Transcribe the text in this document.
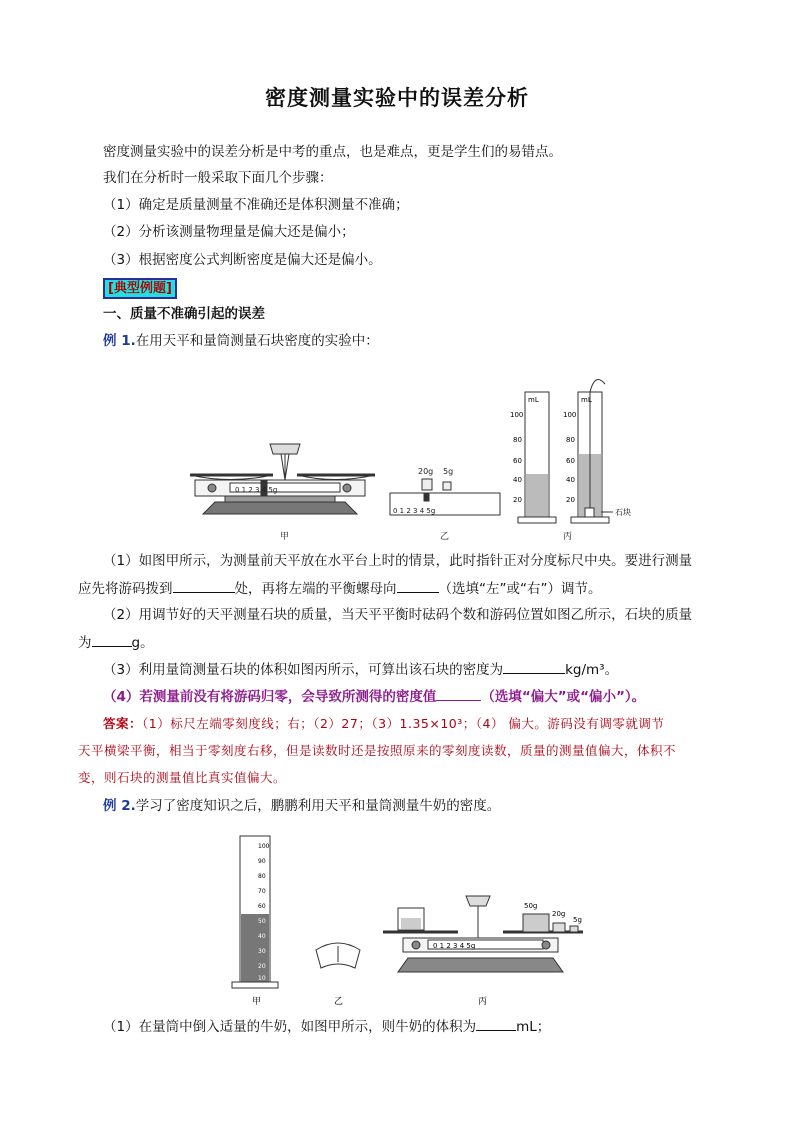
密度测量实验中的误差分析
密度测量实验中的误差分析是中考的重点，也是难点，更是学生们的易错点。
我们在分析时一般采取下面几个步骤：
（1）确定是质量测量不准确还是体积测量不准确；
（2）分析该测量物理量是偏大还是偏小；
（3）根据密度公式判断密度是偏大还是偏小。
[典型例题]
一、质量不准确引起的误差
例 1.在用天平和量筒测量石块密度的实验中：
0 1 2 3 4 5g
甲
20g 5g
0 1 2 3 4 5g
乙
mL
100
80
60
40
20
mL
100
80
60
40
20
石块
丙
（1）如图甲所示，为测量前天平放在水平台上时的情景，此时指针正对分度标尺中央。要进行测量
应先将游码拨到	处，再将左端的平衡螺母向	（选填“左”或“右”）调节。
（2）用调节好的天平测量石块的质量，当天平平衡时砝码个数和游码位置如图乙所示，石块的质量
为	g。
（3）利用量筒测量石块的体积如图丙所示，可算出该石块的密度为	kg/m³。
（4）若测量前没有将游码归零，会导致所测得的密度值	（选填“偏大”或“偏小”）。
答案：（1）标尺左端零刻度线；右；（2）27；（3）1.35×10³；（4） 偏大。游码没有调零就调节
天平横梁平衡，相当于零刻度右移，但是读数时还是按照原来的零刻度读数，质量的测量值偏大，体积不
变，则石块的测量值比真实值偏大。
例 2.学习了密度知识之后，鹏鹏利用天平和量筒测量牛奶的密度。
100
90
80
70
60
50
40
30
20
10
甲	乙
50g
20g
5g
0 1 2 3 4 5g
丙
（1）在量筒中倒入适量的牛奶，如图甲所示，则牛奶的体积为	mL；
